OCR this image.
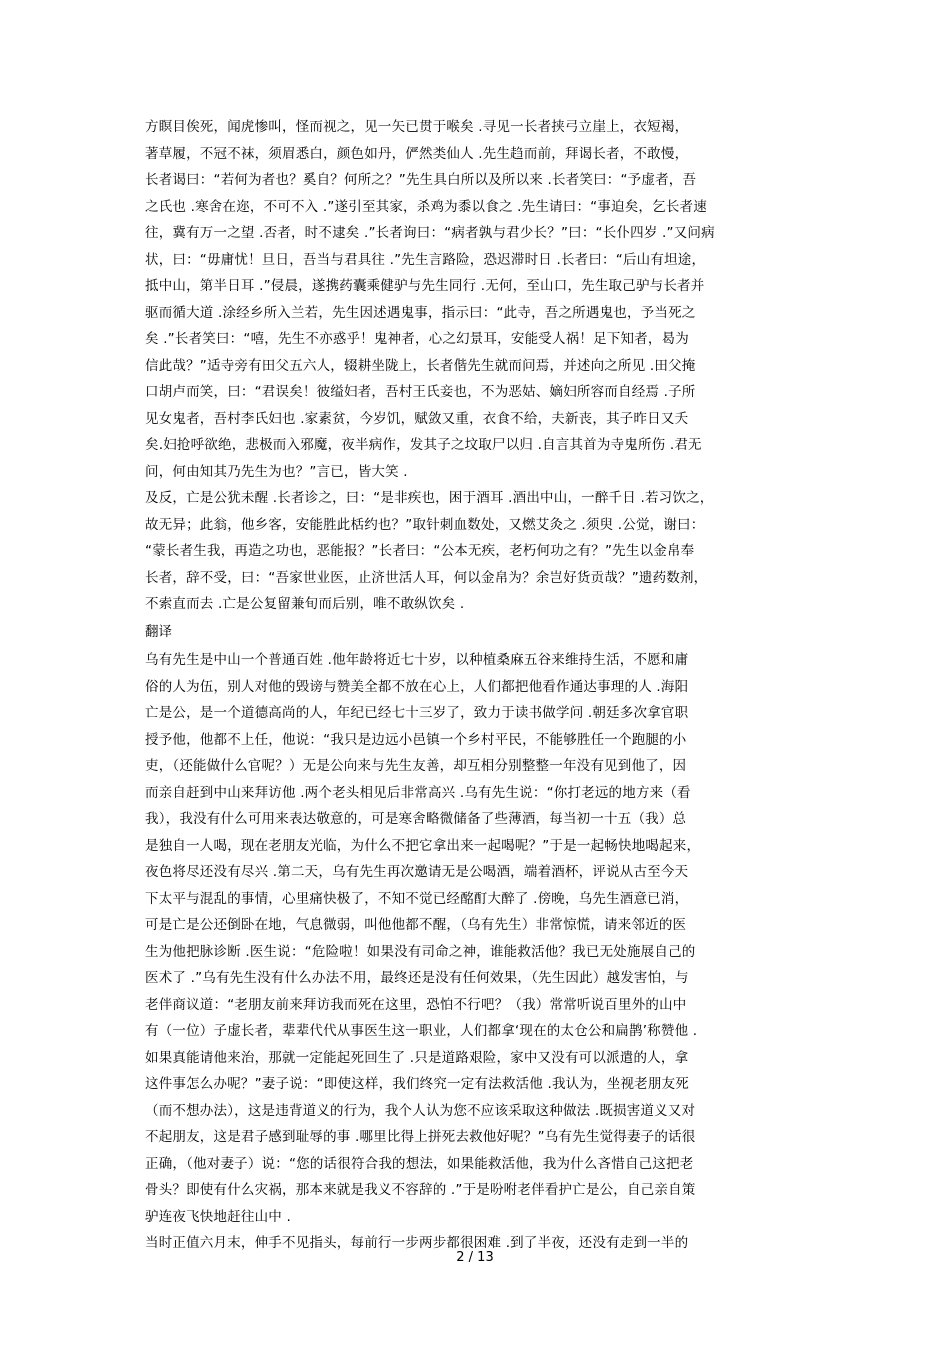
方瞑目俟死，闻虎惨叫，怪而视之，见一矢已贯于喉矣 .寻见一长者挟弓立崖上，衣短褐，
著草履，不冠不袜，须眉悉白，颜色如丹，俨然类仙人 .先生趋而前，拜谒长者，不敢慢，
长者谒曰：“若何为者也？奚自？何所之？”先生具白所以及所以来 .长者笑曰：“予虚者，吾
之氏也 .寒舍在迩，不可不入 .”遂引至其家，杀鸡为黍以食之 .先生请曰：“事迫矣，乞长者速
往，冀有万一之望 .否者，时不逮矣 .”长者询曰：“病者孰与君少长？”曰：“长仆四岁 .”又问病
状，曰：“毋庸忧！旦日，吾当与君具往 .”先生言路险，恐迟滞时日 .长者曰：“后山有坦途，
抵中山，第半日耳 .”侵晨，遂携药囊乘健驴与先生同行 .无何，至山口，先生取己驴与长者并
驱而循大道 .涂经乡所入兰若，先生因述遇鬼事，指示曰：“此寺，吾之所遇鬼也，予当死之
矣 .”长者笑曰：“嘻，先生不亦惑乎！鬼神者，心之幻景耳，安能受人祸！足下知者，曷为
信此哉？”适寺旁有田父五六人，辍耕坐陇上，长者偕先生就而问焉，并述向之所见 .田父掩
口胡卢而笑，曰：“君误矣！彼缢妇者，吾村王氏妾也，不为恶姑、嫡妇所容而自经焉 .子所
见女鬼者，吾村李氏妇也 .家素贫，今岁饥，赋敛又重，衣食不给，夫新丧，其子昨日又夭
矣.妇抢呼欲绝，悲极而入邪魔，夜半病作，发其子之坟取尸以归 .自言其首为寺鬼所伤 .君无
问，何由知其乃先生为也？”言已，皆大笑 .
及反，亡是公犹未醒 .长者诊之，曰：“是非疾也，困于酒耳 .酒出中山，一醉千日 .若习饮之，
故无异；此翁，他乡客，安能胜此栝约也？”取针刺血数处，又燃艾灸之 .须臾 .公觉，谢曰：
“蒙长者生我，再造之功也，恶能报？”长者曰：“公本无疾，老朽何功之有？”先生以金帛奉
长者，辞不受，曰：“吾家世业医，止济世活人耳，何以金帛为？余岂好货贡哉？”遗药数剂，
不索直而去 .亡是公复留兼旬而后别，唯不敢纵饮矣 .
翻译
乌有先生是中山一个普通百姓 .他年龄将近七十岁，以种植桑麻五谷来维持生活，不愿和庸
俗的人为伍，别人对他的毁谤与赞美全都不放在心上，人们都把他看作通达事理的人 .海阳
亡是公，是一个道德高尚的人，年纪已经七十三岁了，致力于读书做学问 .朝廷多次拿官职
授予他，他都不上任，他说：“我只是边远小邑镇一个乡村平民，不能够胜任一个跑腿的小
吏，（还能做什么官呢？）无是公向来与先生友善，却互相分别整整一年没有见到他了，因
而亲自赶到中山来拜访他 .两个老头相见后非常高兴 .乌有先生说：“你打老远的地方来（看
我），我没有什么可用来表达敬意的，可是寒舍略微储备了些薄酒，每当初一十五（我）总
是独自一人喝，现在老朋友光临，为什么不把它拿出来一起喝呢？”于是一起畅快地喝起来，
夜色将尽还没有尽兴 .第二天，乌有先生再次邀请无是公喝酒，端着酒杯，评说从古至今天
下太平与混乱的事情，心里痛快极了，不知不觉已经酩酊大醉了 .傍晚，乌先生酒意已消，
可是亡是公还倒卧在地，气息微弱，叫他他都不醒，（乌有先生）非常惊慌，请来邻近的医
生为他把脉诊断 .医生说：“危险啦！如果没有司命之神，谁能救活他？我已无处施展自己的
医术了 .”乌有先生没有什么办法不用，最终还是没有任何效果，（先生因此）越发害怕，与
老伴商议道：“老朋友前来拜访我而死在这里，恐怕不行吧？（我）常常听说百里外的山中
有（一位）子虚长者，辈辈代代从事医生这一职业，人们都拿‘现在的太仓公和扁鹊’称赞他 .
如果真能请他来治，那就一定能起死回生了 .只是道路艰险，家中又没有可以派遣的人，拿
这件事怎么办呢？”妻子说：“即使这样，我们终究一定有法救活他 .我认为，坐视老朋友死
（而不想办法），这是违背道义的行为，我个人认为您不应该采取这种做法 .既损害道义又对
不起朋友，这是君子感到耻辱的事 .哪里比得上拼死去救他好呢？”乌有先生觉得妻子的话很
正确，（他对妻子）说：“您的话很符合我的想法，如果能救活他，我为什么吝惜自己这把老
骨头？即使有什么灾祸，那本来就是我义不容辞的 .”于是吩咐老伴看护亡是公，自己亲自策
驴连夜飞快地赶往山中 .
当时正值六月末，伸手不见指头，每前行一步两步都很困难 .到了半夜，还没有走到一半的
2 / 13
